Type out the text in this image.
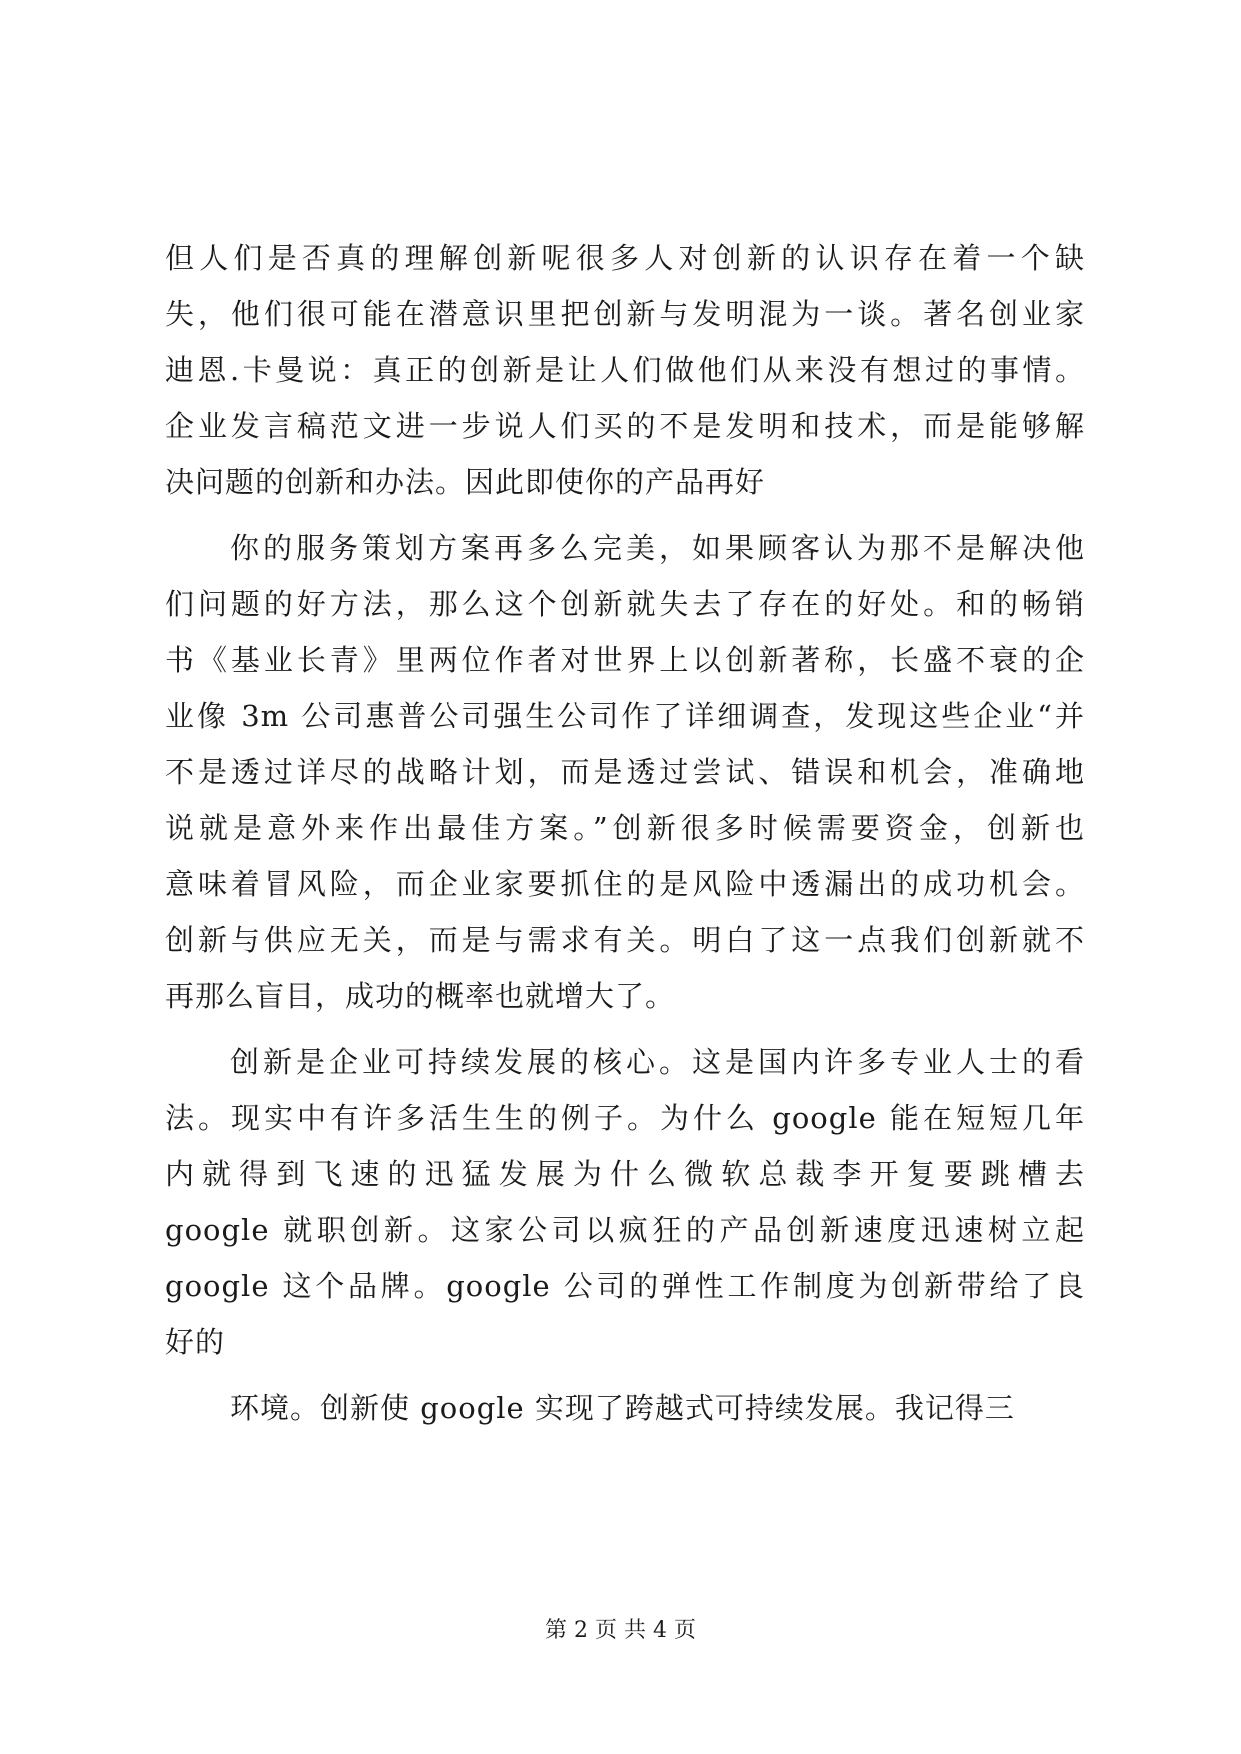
但人们是否真的理解创新呢很多人对创新的认识存在着一个缺
失，他们很可能在潜意识里把创新与发明混为一谈。著名创业家
迪恩.卡曼说：真正的创新是让人们做他们从来没有想过的事情。
企业发言稿范文进一步说人们买的不是发明和技术，而是能够解
决问题的创新和办法。因此即使你的产品再好
你的服务策划方案再多么完美，如果顾客认为那不是解决他
们问题的好方法，那么这个创新就失去了存在的好处。和的畅销
书《基业长青》里两位作者对世界上以创新著称，长盛不衰的企
业像 3m 公司惠普公司强生公司作了详细调查，发现这些企业“并
不是透过详尽的战略计划，而是透过尝试、错误和机会，准确地
说就是意外来作出最佳方案。”创新很多时候需要资金，创新也
意味着冒风险，而企业家要抓住的是风险中透漏出的成功机会。
创新与供应无关，而是与需求有关。明白了这一点我们创新就不
再那么盲目，成功的概率也就增大了。
创新是企业可持续发展的核心。这是国内许多专业人士的看
法。现实中有许多活生生的例子。为什么 google 能在短短几年
内就得到飞速的迅猛发展为什么微软总裁李开复要跳槽去
google 就职创新。这家公司以疯狂的产品创新速度迅速树立起
google 这个品牌。google 公司的弹性工作制度为创新带给了良
好的
环境。创新使 google 实现了跨越式可持续发展。我记得三
第 2 页 共 4 页
